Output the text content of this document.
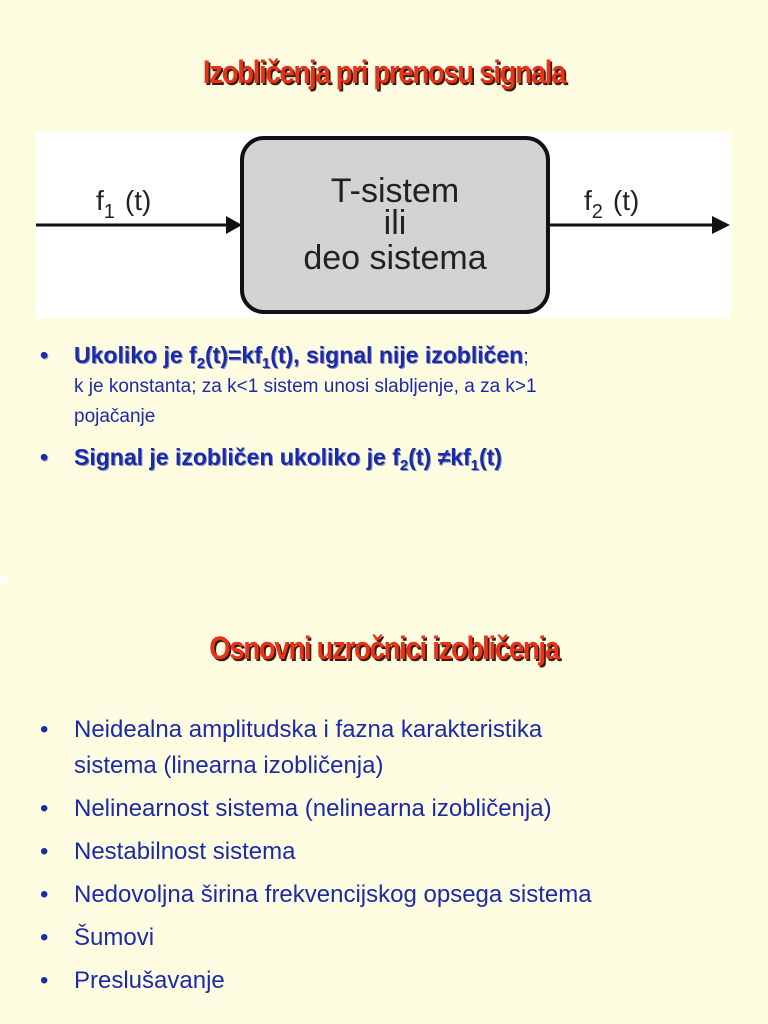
Izobličenja pri prenosu signala
$f_1$ (t)	T-sistem
ili
deo sistema
$f_2$ (t)
• Ukoliko je $f_2(t)=kf_1(t)$, signal nije izobličen;
k je konstanta; za k<1 sistem unosi slabljenje, a za k>1
pojačanje
• Signal je izobličen ukoliko je $f_2(t) \ne kf_1(t)$
Osnovni uzročnici izobličenja
• Neidealna amplitudska i fazna karakteristika
sistema (linearna izobličenja)
• Nelinearnost sistema (nelinearna izobličenja)
• Nestabilnost sistema
• Nedovoljna širina frekvencijskog opsega sistema
• Šumovi
• Preslušavanje
